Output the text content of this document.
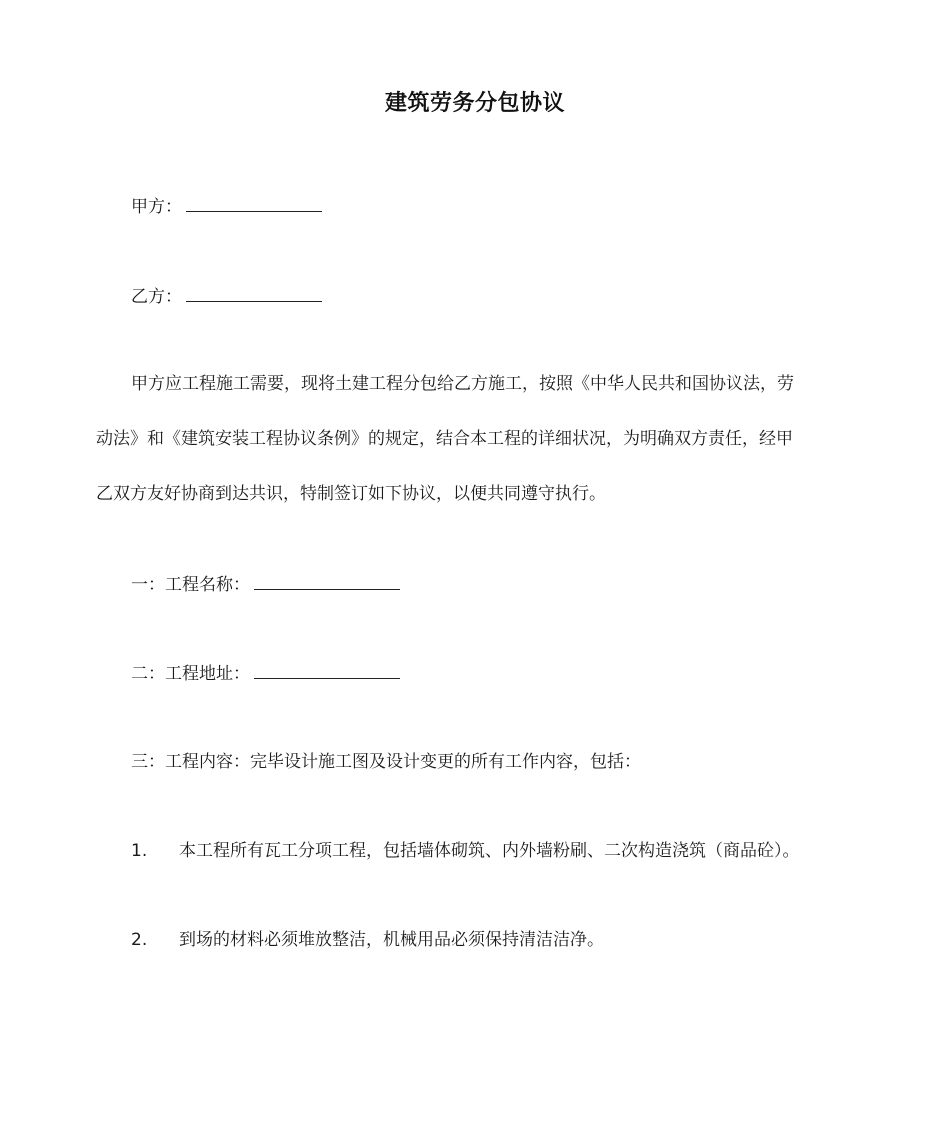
建筑劳务分包协议
甲方：
乙方：
甲方应工程施工需要，现将土建工程分包给乙方施工，按照《中华人民共和国协议法，劳
动法》和《建筑安装工程协议条例》的规定，结合本工程的详细状况，为明确双方责任，经甲
乙双方友好协商到达共识，特制签订如下协议，以便共同遵守执行。
一：工程名称：
二：工程地址：
三：工程内容：完毕设计施工图及设计变更的所有工作内容，包括：
1. 本工程所有瓦工分项工程，包括墙体砌筑、内外墙粉刷、二次构造浇筑（商品砼）。
2. 到场的材料必须堆放整洁，机械用品必须保持清洁洁净。
